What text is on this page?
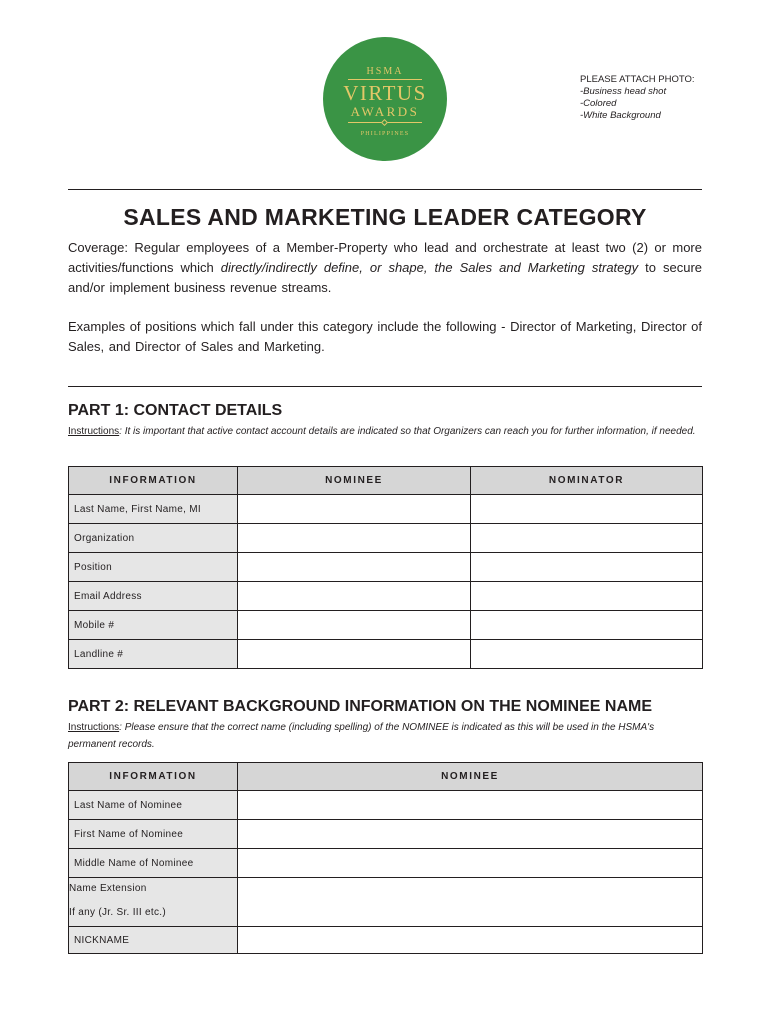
HSMA
VIRTUS
AWARDS
PHILIPPINES
PLEASE ATTACH PHOTO:
-Business head shot
-Colored
-White Background
SALES AND MARKETING LEADER CATEGORY
Coverage: Regular employees of a Member-Property who lead and orchestrate at least two (2) or more activities/functions which directly/indirectly define, or shape, the Sales and Marketing strategy to secure and/or implement business revenue streams.
Examples of positions which fall under this category include the following - Director of Marketing, Director of Sales, and Director of Sales and Marketing.
PART 1: CONTACT DETAILS
Instructions: It is important that active contact account details are indicated so that Organizers can reach you for further information, if needed.
INFORMATION	NOMINEE	NOMINATOR
Last Name, First Name, MI	

Organization	

Position	

Email Address	

Mobile #	

Landline #	

PART 2: RELEVANT BACKGROUND INFORMATION ON THE NOMINEE NAME
Instructions: Please ensure that the correct name (including spelling) of the NOMINEE is indicated as this will be used in the HSMA's permanent records.
INFORMATION	NOMINEE
Last Name of Nominee	

First Name of Nominee	

Middle Name of Nominee	

Name Extension
If any (Jr. Sr. III etc.)

NICKNAME	
